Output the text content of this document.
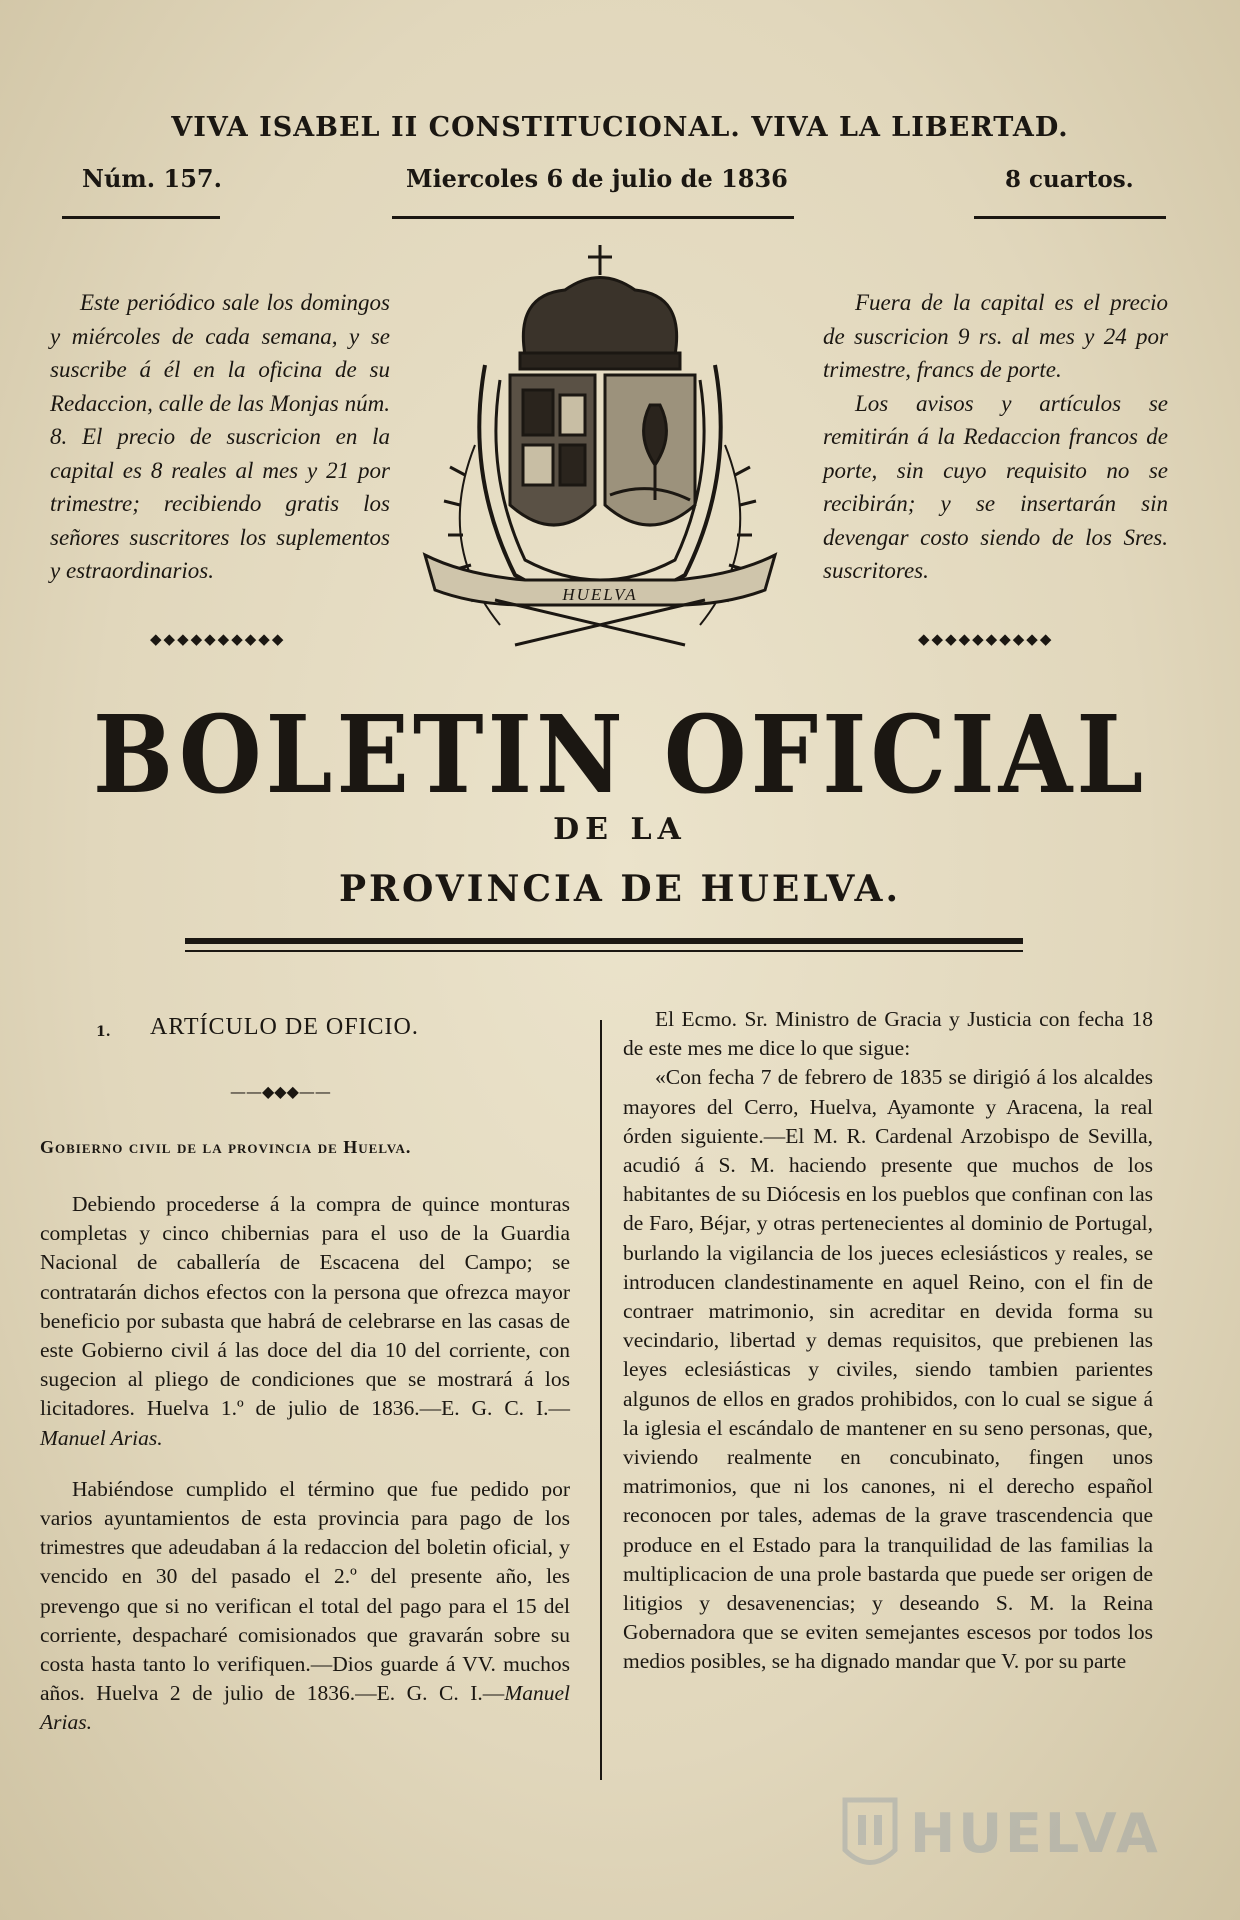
VIVA ISABEL II CONSTITUCIONAL. VIVA LA LIBERTAD.
Núm. 157.	Miercoles 6 de julio de 1836	8 cuartos.

Este periódico sale los domingos y miércoles de cada semana, y se suscribe á él en la oficina de su Redaccion, calle de las Monjas núm. 8. El precio de suscricion en la capital es 8 reales al mes y 21 por trimestre; recibiendo gratis los señores suscritores los suplementos y estraordinarios.

◆◆◆◆◆◆◆◆◆◆

Fuera de la capital es el precio de suscricion 9 rs. al mes y 24 por trimestre, francs de porte.

Los avisos y artículos se remitirán á la Redaccion francos de porte, sin cuyo requisito no se recibirán; y se insertarán sin devengar costo siendo de los Sres. suscritores.

◆◆◆◆◆◆◆◆◆◆
HUELVA
BOLETIN OFICIAL
DE LA
PROVINCIA DE HUELVA.
1. ARTÍCULO DE OFICIO.
——◆◆◆——
Gobierno civil de la provincia de Huelva.

Debiendo procederse á la compra de quince monturas completas y cinco chibernias para el uso de la Guardia Nacional de caballería de Escacena del Campo; se contratarán dichos efectos con la persona que ofrezca mayor beneficio por subasta que habrá de celebrarse en las casas de este Gobierno civil á las doce del dia 10 del corriente, con sugecion al pliego de condiciones que se mostrará á los licitadores. Huelva 1.º de julio de 1836.—E. G. C. I.—Manuel Arias.

Habiéndose cumplido el término que fue pedido por varios ayuntamientos de esta provincia para pago de los trimestres que adeudaban á la redaccion del boletin oficial, y vencido en 30 del pasado el 2.º del presente año, les prevengo que si no verifican el total del pago para el 15 del corriente, despacharé comisionados que gravarán sobre su costa hasta tanto lo verifiquen.—Dios guarde á VV. muchos años. Huelva 2 de julio de 1836.—E. G. C. I.—Manuel Arias.

El Ecmo. Sr. Ministro de Gracia y Justicia con fecha 18 de este mes me dice lo que sigue:

«Con fecha 7 de febrero de 1835 se dirigió á los alcaldes mayores del Cerro, Huelva, Ayamonte y Aracena, la real órden siguiente.—El M. R. Cardenal Arzobispo de Sevilla, acudió á S. M. haciendo presente que muchos de los habitantes de su Diócesis en los pueblos que confinan con las de Faro, Béjar, y otras pertenecientes al dominio de Portugal, burlando la vigilancia de los jueces eclesiásticos y reales, se introducen clandestinamente en aquel Reino, con el fin de contraer matrimonio, sin acreditar en devida forma su vecindario, libertad y demas requisitos, que prebienen las leyes eclesiásticas y civiles, siendo tambien parientes algunos de ellos en grados prohibidos, con lo cual se sigue á la iglesia el escándalo de mantener en su seno personas, que, viviendo realmente en concubinato, fingen unos matrimonios, que ni los canones, ni el derecho español reconocen por tales, ademas de la grave trascendencia que produce en el Estado para la tranquilidad de las familias la multiplicacion de una prole bastarda que puede ser origen de litigios y desavenencias; y deseando S. M. la Reina Gobernadora que se eviten semejantes escesos por todos los medios posibles, se ha dignado mandar que V. por su parte

HUELVA
